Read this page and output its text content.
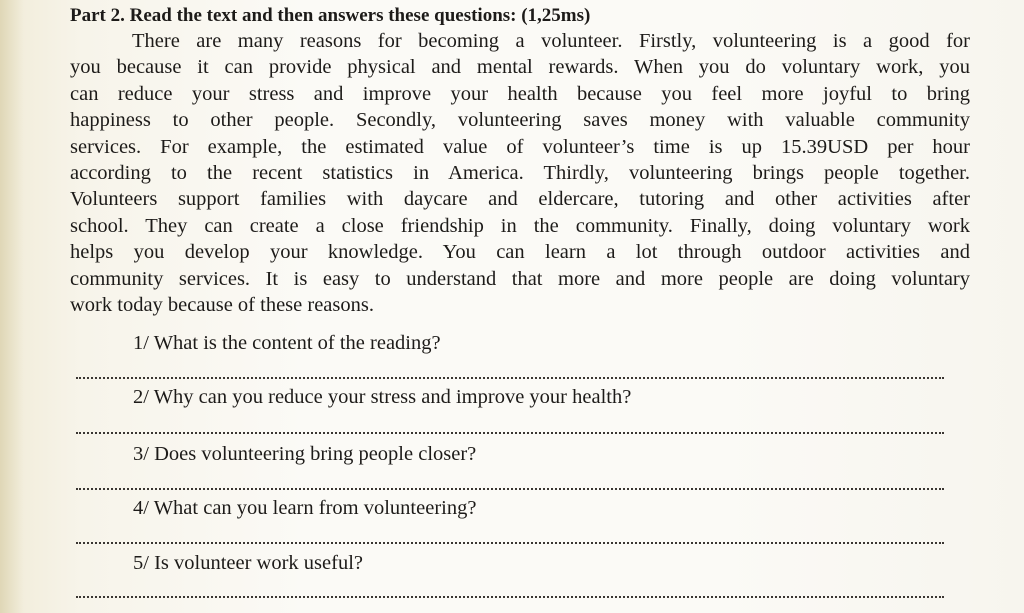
Part 2. Read the text and then answers these questions: (1,25ms)
There are many reasons for becoming a volunteer. Firstly, volunteering is a good for
you because it can provide physical and mental rewards. When you do voluntary work, you
can reduce your stress and improve your health because you feel more joyful to bring
happiness to other people. Secondly, volunteering saves money with valuable community
services. For example, the estimated value of volunteer’s time is up 15.39USD per hour
according to the recent statistics in America. Thirdly, volunteering brings people together.
Volunteers support families with daycare and eldercare, tutoring and other activities after
school. They can create a close friendship in the community. Finally, doing voluntary work
helps you develop your knowledge. You can learn a lot through outdoor activities and
community services. It is easy to understand that more and more people are doing voluntary
work today because of these reasons.
1/ What is the content of the reading?
2/ Why can you reduce your stress and improve your health?
3/ Does volunteering bring people closer?
4/ What can you learn from volunteering?
5/ Is volunteer work useful?
